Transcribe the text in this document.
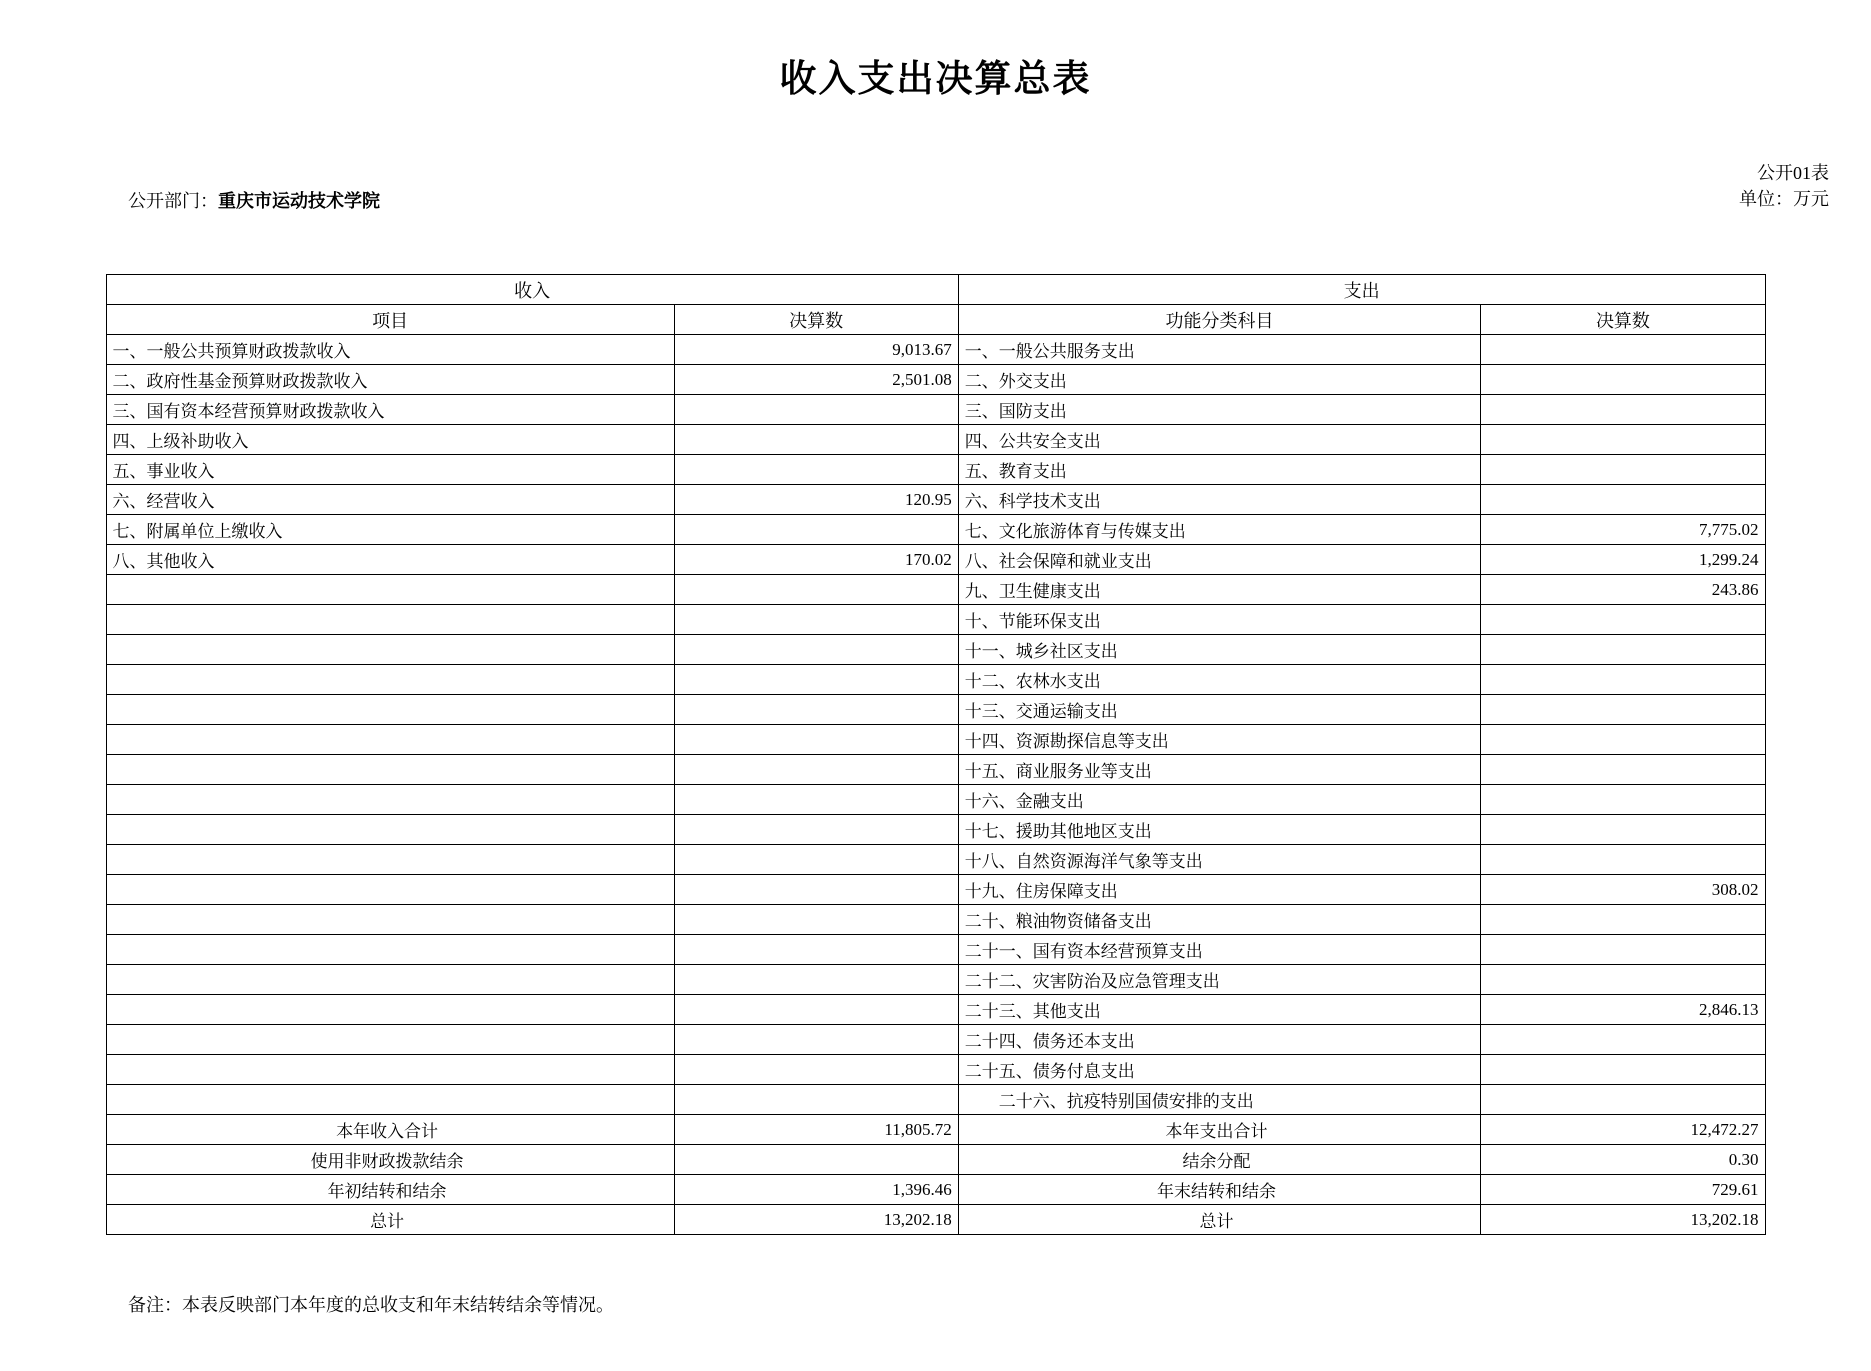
收入支出决算总表
公开01表
单位：万元
公开部门：重庆市运动技术学院
收入		支出	
项目	决算数	功能分类科目	决算数
一、一般公共预算财政拨款收入	9,013.67	一、一般公共服务支出	
二、政府性基金预算财政拨款收入	2,501.08	二、外交支出	
三、国有资本经营预算财政拨款收入		三、国防支出	
四、上级补助收入		四、公共安全支出	
五、事业收入		五、教育支出	
六、经营收入	120.95	六、科学技术支出	
七、附属单位上缴收入		七、文化旅游体育与传媒支出	7,775.02
八、其他收入	170.02	八、社会保障和就业支出	1,299.24
		九、卫生健康支出	243.86
		十、节能环保支出	
		十一、城乡社区支出	
		十二、农林水支出	
		十三、交通运输支出	
		十四、资源勘探信息等支出	
		十五、商业服务业等支出	
		十六、金融支出	
		十七、援助其他地区支出	
		十八、自然资源海洋气象等支出	
		十九、住房保障支出	308.02
		二十、粮油物资储备支出	
		二十一、国有资本经营预算支出	
		二十二、灾害防治及应急管理支出	
		二十三、其他支出	2,846.13
		二十四、债务还本支出	
		二十五、债务付息支出	
		　　二十六、抗疫特别国债安排的支出	
本年收入合计	11,805.72	本年支出合计	12,472.27
使用非财政拨款结余		结余分配	0.30
年初结转和结余	1,396.46	年末结转和结余	729.61
总计	13,202.18	总计	13,202.18
备注：本表反映部门本年度的总收支和年末结转结余等情况。
